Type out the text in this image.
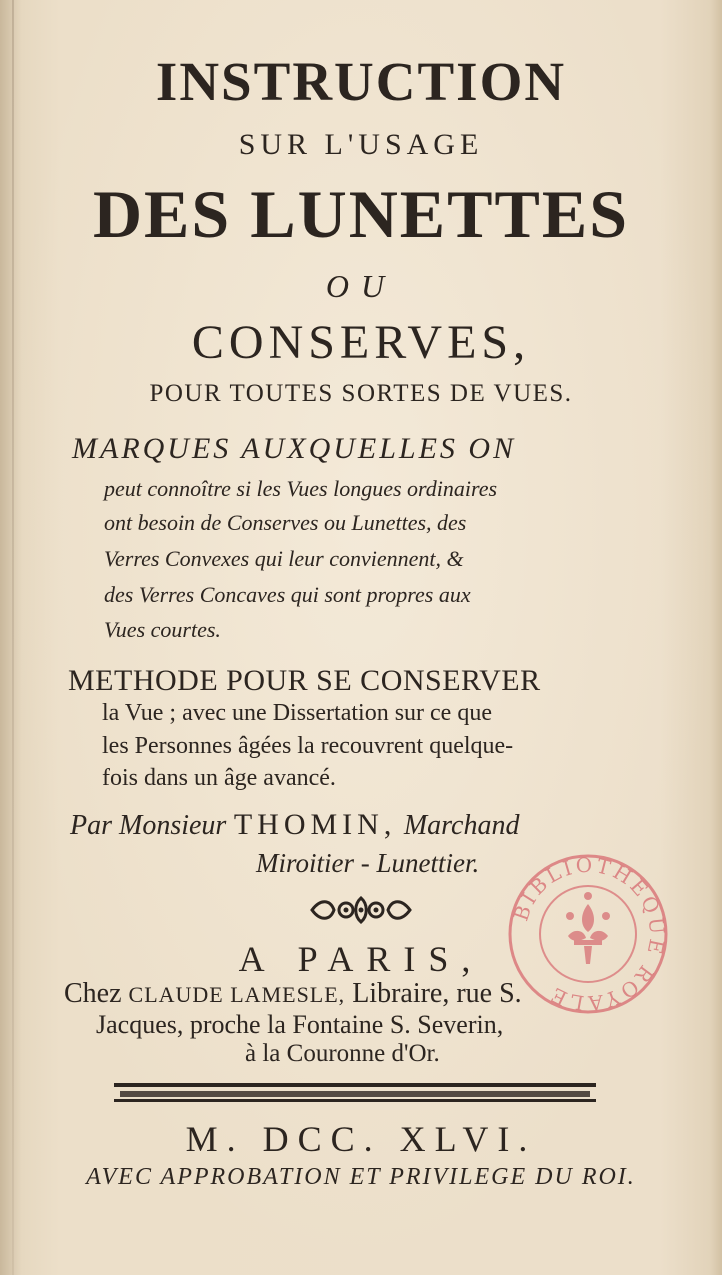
INSTRUCTION
SUR L'USAGE
DES LUNETTES
OU
CONSERVES,
POUR TOUTES SORTES DE VUES.
MARQUES AUXQUELLES ON
peut connoître si les Vues longues ordinaires
ont besoin de Conserves ou Lunettes, des
Verres Convexes qui leur conviennent, &
des Verres Concaves qui sont propres aux
Vues courtes.
METHODE POUR SE CONSERVER
la Vue ; avec une Dissertation sur ce que
les Personnes âgées la recouvrent quelque-
fois dans un âge avancé.
Par Monsieur THOMIN, Marchand
Miroitier - Lunettier.
A PARIS,
Chez CLAUDE LAMESLE, Libraire, rue S.
Jacques, proche la Fontaine S. Severin,
à la Couronne d'Or.
M. DCC. XLVI.
AVEC APPROBATION ET PRIVILEGE DU ROI.
BIBLIOTHEQUE ROYALE
